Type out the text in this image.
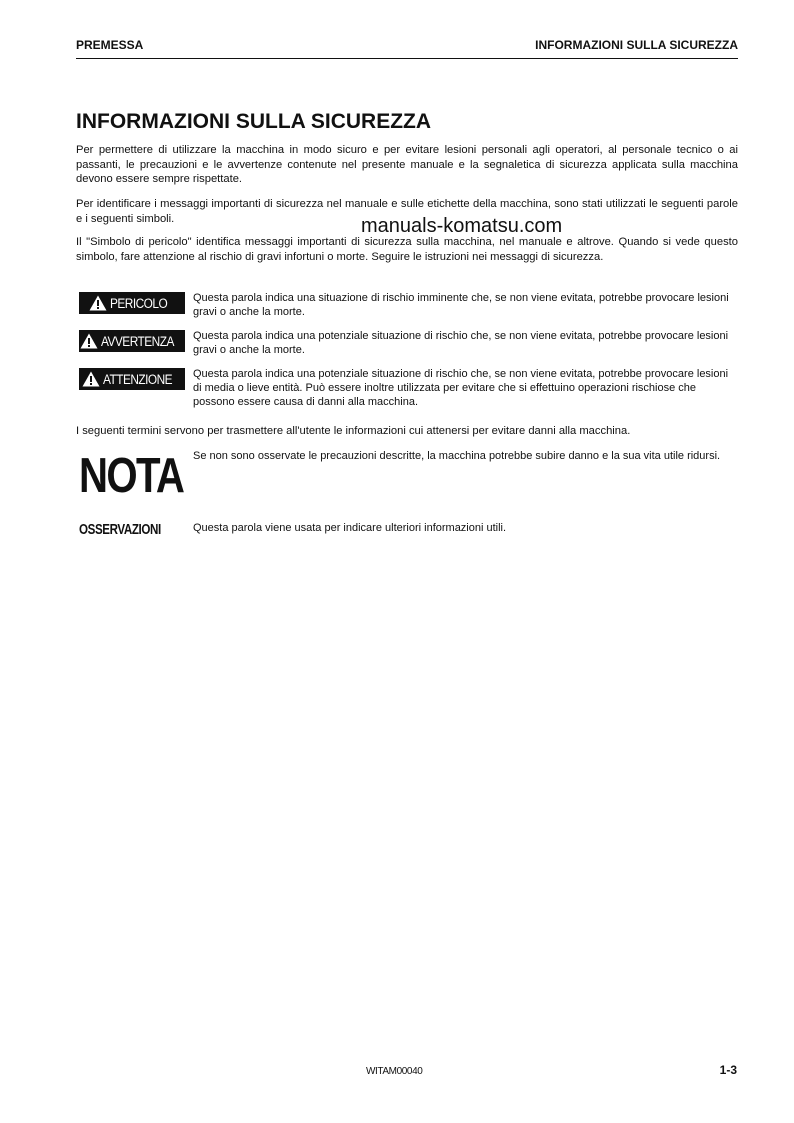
PREMESSA	INFORMAZIONI SULLA SICUREZZA
INFORMAZIONI SULLA SICUREZZA

Per permettere di utilizzare la macchina in modo sicuro e per evitare lesioni personali agli operatori, al personale tecnico o ai passanti, le precauzioni e le avvertenze contenute nel presente manuale e la segnaletica di sicurezza applicata sulla macchina devono essere sempre rispettate.

Per identificare i messaggi importanti di sicurezza nel manuale e sulle etichette della macchina, sono stati utilizzati le seguenti parole e i seguenti simboli.

Il "Simbolo di pericolo" identifica messaggi importanti di sicurezza sulla macchina, nel manuale e altrove. Quando si vede questo simbolo, fare attenzione al rischio di gravi infortuni o morte. Seguire le istruzioni nei messaggi di sicurezza.

manuals-komatsu.com
PERICOLO Questa parola indica una situazione di rischio imminente che, se non viene evitata, potrebbe provocare lesioni gravi o anche la morte.

AVVERTENZA Questa parola indica una potenziale situazione di rischio che, se non viene evitata, potrebbe provocare lesioni gravi o anche la morte.

ATTENZIONE Questa parola indica una potenziale situazione di rischio che, se non viene evitata, potrebbe provocare lesioni di media o lieve entità. Può essere inoltre utilizzata per evitare che si effettuino operazioni rischiose che possono essere causa di danni alla macchina.

I seguenti termini servono per trasmettere all'utente le informazioni cui attenersi per evitare danni alla macchina.

NOTA Se non sono osservate le precauzioni descritte, la macchina potrebbe subire danno e la sua vita utile ridursi.

OSSERVAZIONI	Questa parola viene usata per indicare ulteriori informazioni utili.

WITAM00040	1-3
